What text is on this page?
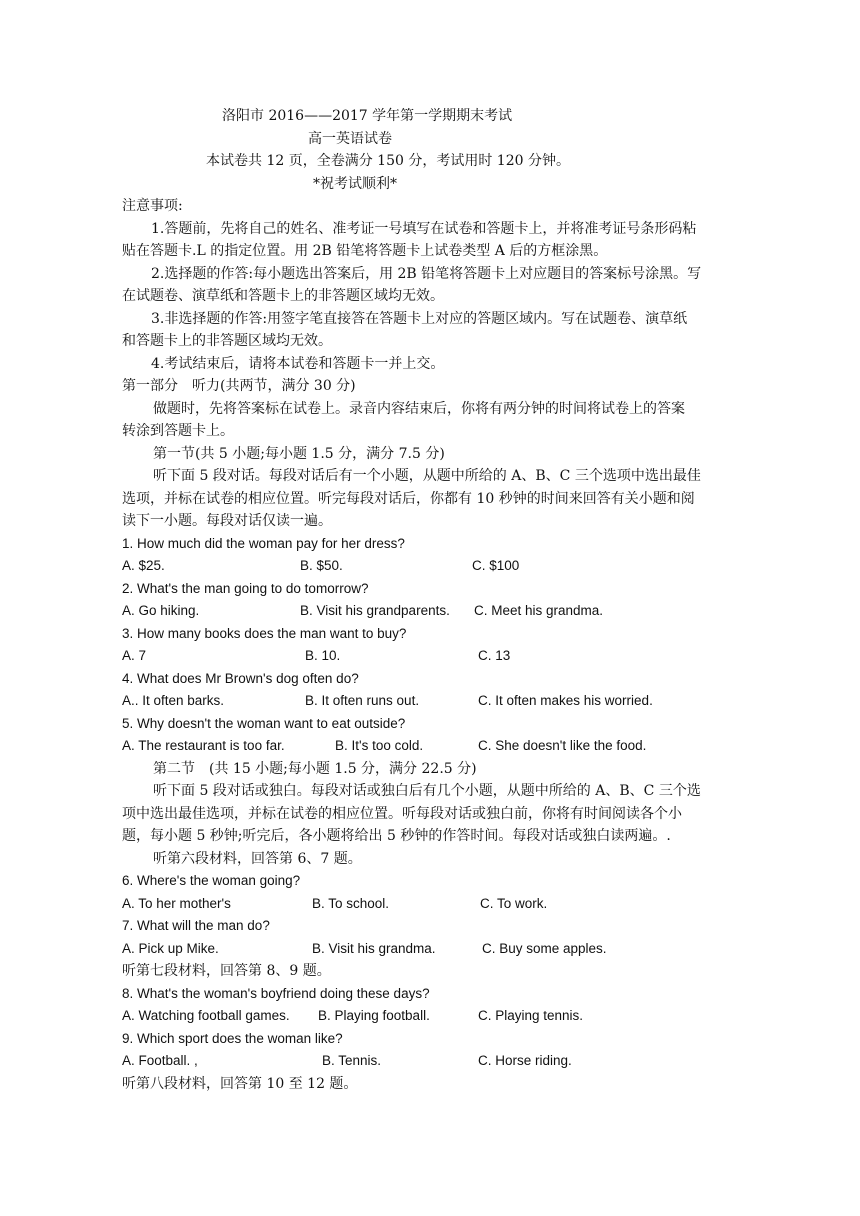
洛阳市 2016——2017 学年第一学期期末考试
高一英语试卷
本试卷共 12 页，全卷满分 150 分，考试用时 120 分钟。
*祝考试顺利*
注意事项:
1.答题前，先将自己的姓名、准考证一号填写在试卷和答题卡上，并将准考证号条形码粘
贴在答题卡.L 的指定位置。用 2B 铅笔将答题卡上试卷类型 A 后的方框涂黑。
2.选择题的作答:每小题选出答案后，用 2B 铅笔将答题卡上对应题目的答案标号涂黑。写
在试题卷、演草纸和答题卡上的非答题区域均无效。
3.非选择题的作答:用签字笔直接答在答题卡上对应的答题区域内。写在试题卷、演草纸
和答题卡上的非答题区域均无效。
4.考试结束后，请将本试卷和答题卡一并上交。
第一部分　听力(共两节，满分 30 分)
做题时，先将答案标在试卷上。录音内容结束后，你将有两分钟的时间将试卷上的答案
转涂到答题卡上。
第一节(共 5 小题;每小题 1.5 分，满分 7.5 分)
听下面 5 段对话。每段对话后有一个小题，从题中所给的 A、B、C 三个选项中选出最佳
选项，并标在试卷的相应位置。听完每段对话后，你都有 10 秒钟的时间来回答有关小题和阅
读下一小题。每段对话仅读一遍。
1. How much did the woman pay for her dress?
A. $25.	B. $50.	C. $100
2. What's the man going to do tomorrow?
A. Go hiking.	B. Visit his grandparents. C. Meet his grandma.
3. How many books does the man want to buy?
A. 7	B. 10.	C. 13
4. What does Mr Brown's dog often do?
A.. It often barks.	B. It often runs out.	C. It often makes his worried.
5. Why doesn't the woman want to eat outside?
A. The restaurant is too far.	B. It's too cold.	C. She doesn't like the food.
第二节　(共 15 小题;每小题 1.5 分，满分 22.5 分)
听下面 5 段对话或独白。每段对话或独白后有几个小题，从题中所给的 A、B、C 三个选
项中选出最佳选项，并标在试卷的相应位置。听每段对话或独白前，你将有时间阅读各个小
题，每小题 5 秒钟;听完后，各小题将给出 5 秒钟的作答时间。每段对话或独白读两遍。.
听第六段材料，回答第 6、7 题。
6. Where's the woman going?
A. To her mother's	B. To school.	C. To work.
7. What will the man do?
A. Pick up Mike.	B. Visit his grandma.	C. Buy some apples.
听第七段材料，回答第 8、9 题。
8. What's the woman's boyfriend doing these days?
A. Watching football games. B. Playing football.	C. Playing tennis.
9. Which sport does the woman like?
A. Football. ,	B. Tennis.	C. Horse riding.
听第八段材料，回答第 10 至 12 题。
